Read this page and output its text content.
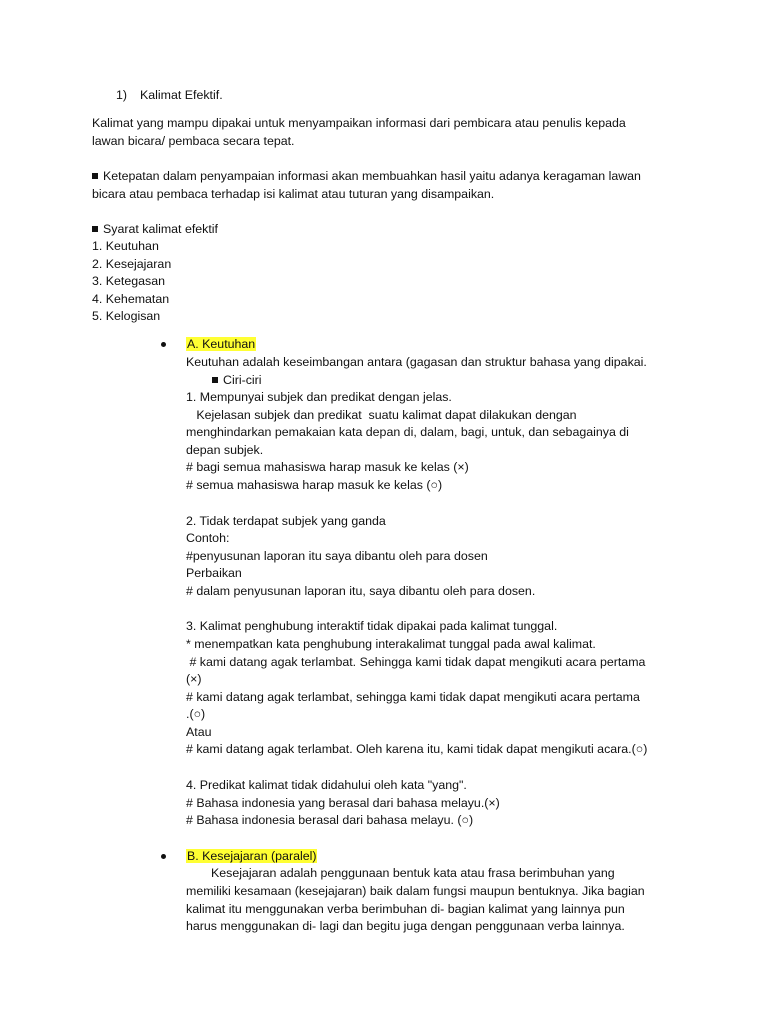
1) Kalimat Efektif.
Kalimat yang mampu dipakai untuk menyampaikan informasi dari pembicara atau penulis kepada
lawan bicara/ pembaca secara tepat.
Ketepatan dalam penyampaian informasi akan membuahkan hasil yaitu adanya keragaman lawan
bicara atau pembaca terhadap isi kalimat atau tuturan yang disampaikan.
Syarat kalimat efektif
1. Keutuhan
2. Kesejajaran
3. Ketegasan
4. Kehematan
5. Kelogisan
A. Keutuhan
Keutuhan adalah keseimbangan antara (gagasan dan struktur bahasa yang dipakai.
Ciri-ciri
1. Mempunyai subjek dan predikat dengan jelas.
Kejelasan subjek dan predikat  suatu kalimat dapat dilakukan dengan
menghindarkan pemakaian kata depan di, dalam, bagi, untuk, dan sebagainya di
depan subjek.
# bagi semua mahasiswa harap masuk ke kelas (×)
# semua mahasiswa harap masuk ke kelas (○)
2. Tidak terdapat subjek yang ganda
Contoh:
#penyusunan laporan itu saya dibantu oleh para dosen
Perbaikan
# dalam penyusunan laporan itu, saya dibantu oleh para dosen.
3. Kalimat penghubung interaktif tidak dipakai pada kalimat tunggal.
* menempatkan kata penghubung interakalimat tunggal pada awal kalimat.
# kami datang agak terlambat. Sehingga kami tidak dapat mengikuti acara pertama
(×)
# kami datang agak terlambat, sehingga kami tidak dapat mengikuti acara pertama
.(○)
Atau
# kami datang agak terlambat. Oleh karena itu, kami tidak dapat mengikuti acara.(○)
4. Predikat kalimat tidak didahului oleh kata "yang".
# Bahasa indonesia yang berasal dari bahasa melayu.(×)
# Bahasa indonesia berasal dari bahasa melayu. (○)
B. Kesejajaran (paralel)
Kesejajaran adalah penggunaan bentuk kata atau frasa berimbuhan yang
memiliki kesamaan (kesejajaran) baik dalam fungsi maupun bentuknya. Jika bagian
kalimat itu menggunakan verba berimbuhan di- bagian kalimat yang lainnya pun
harus menggunakan di- lagi dan begitu juga dengan penggunaan verba lainnya.
